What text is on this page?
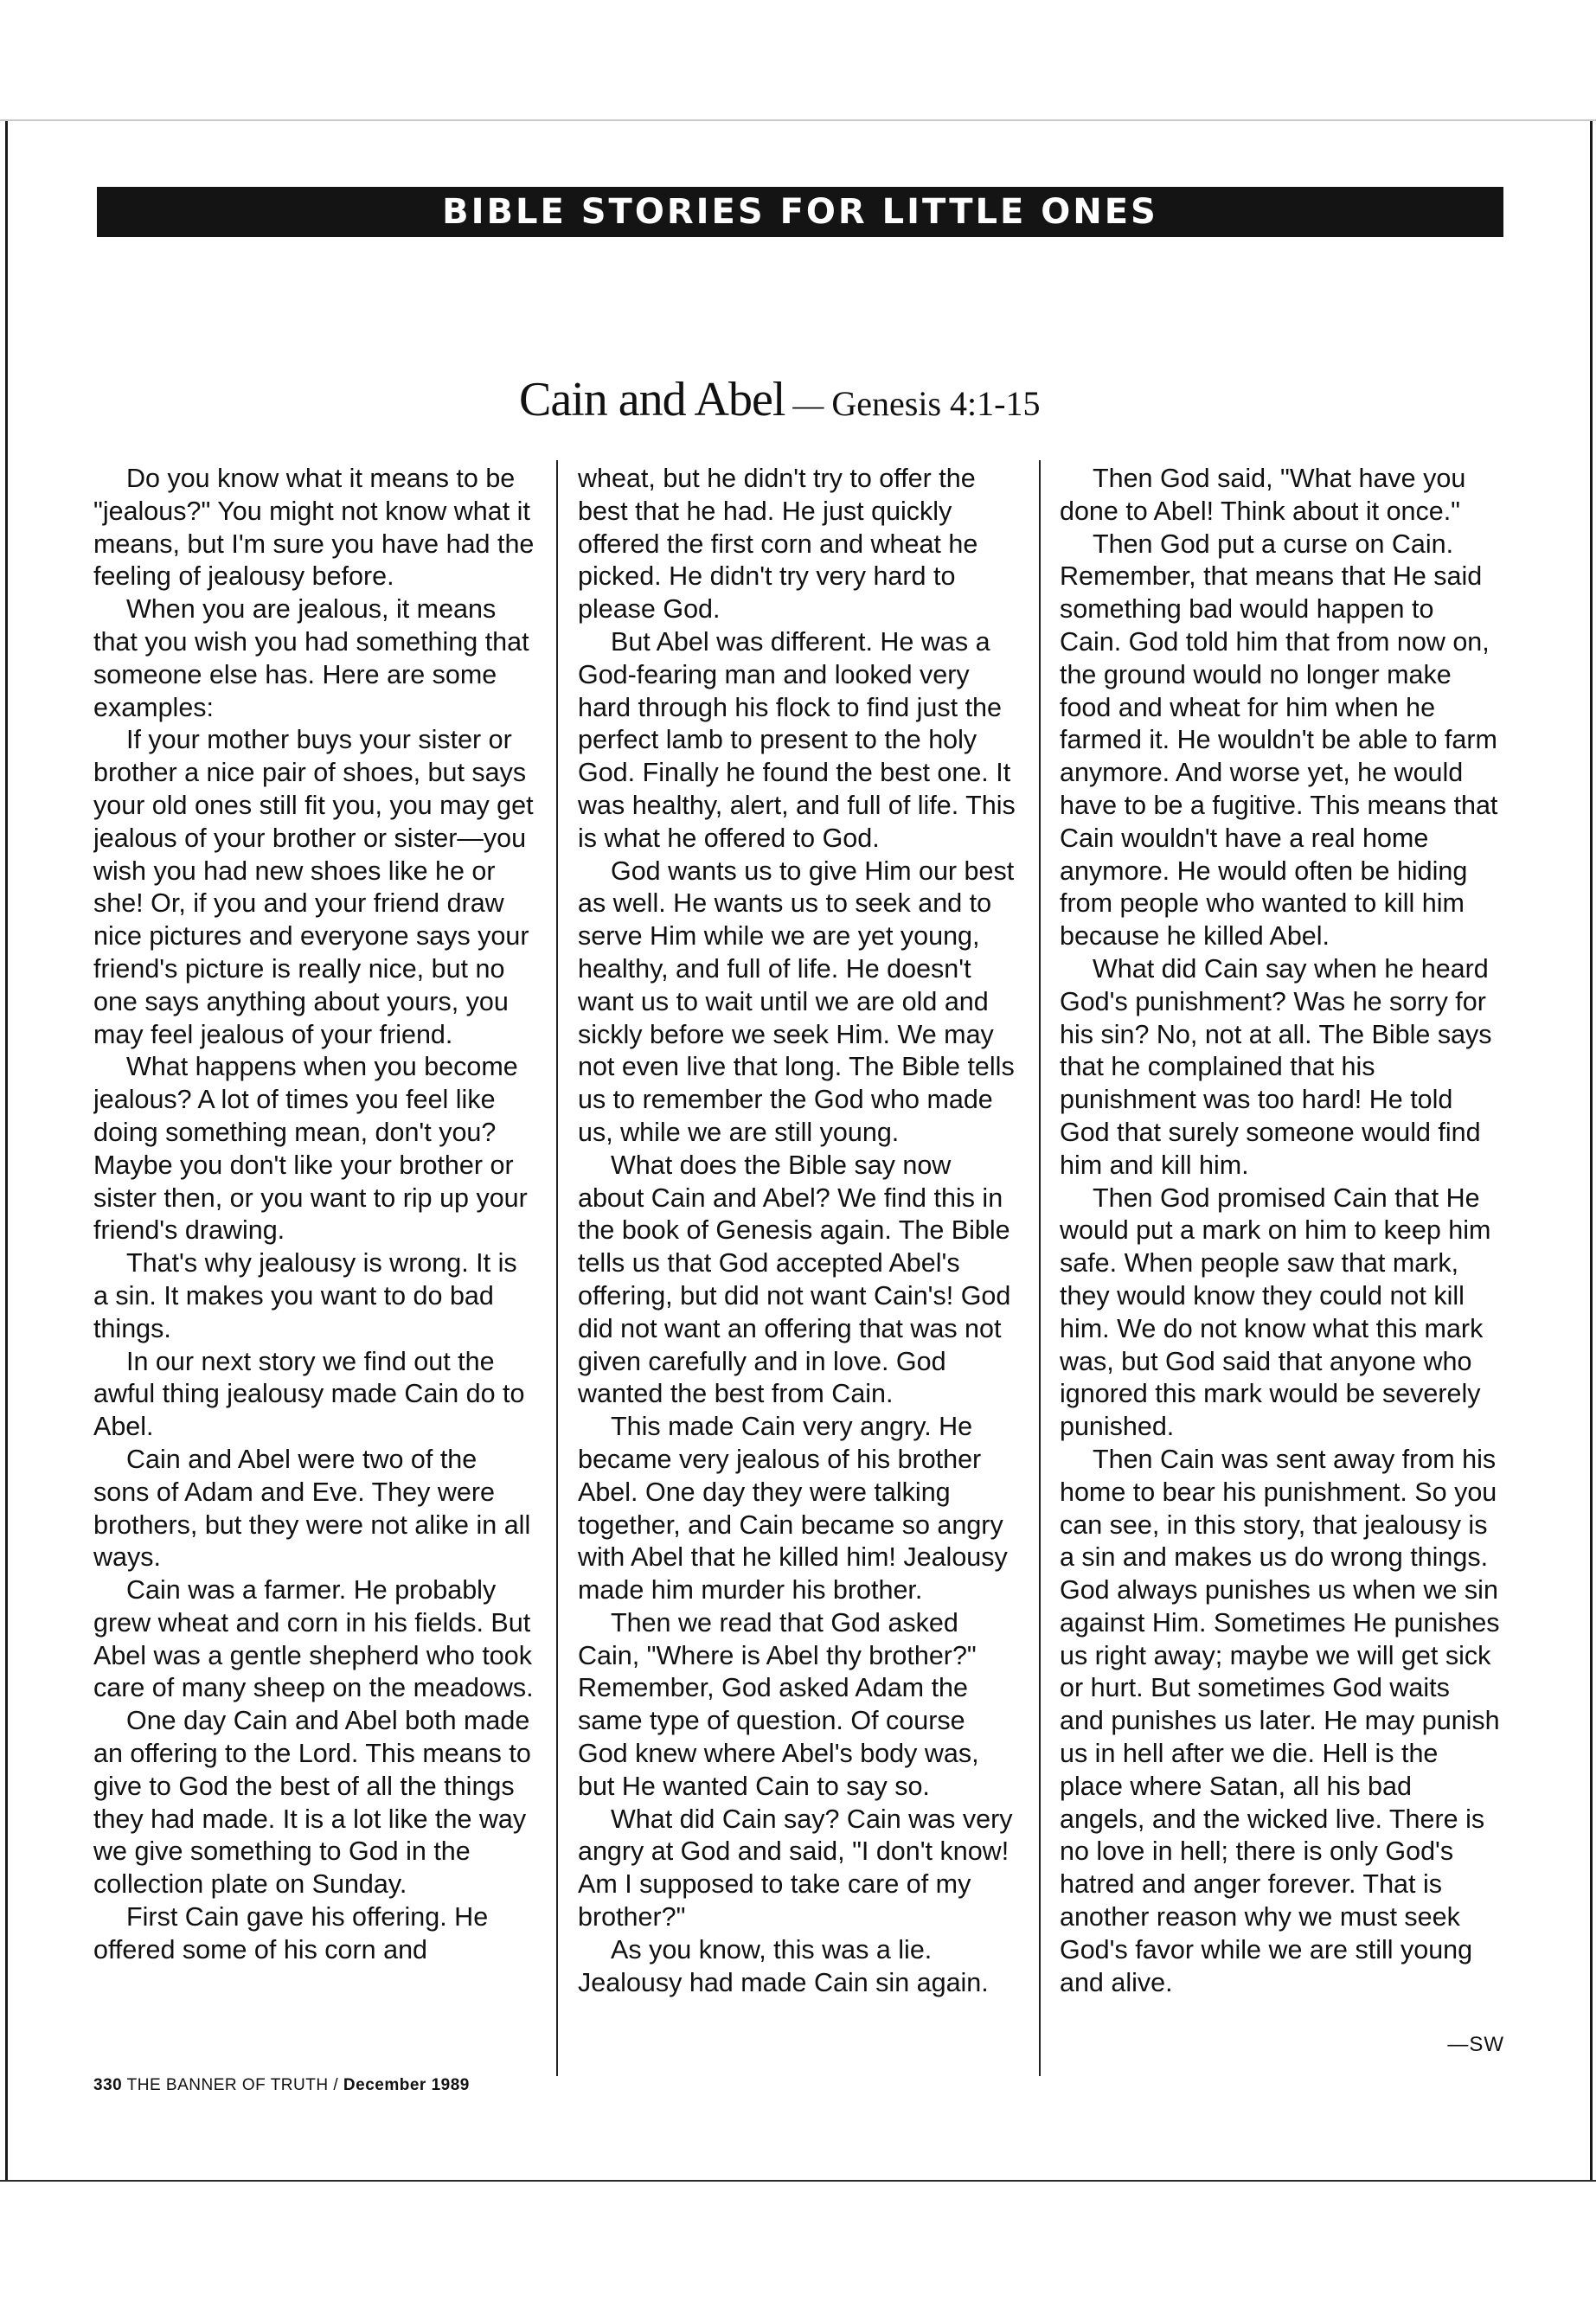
BIBLE STORIES FOR LITTLE ONES
Cain and Abel — Genesis 4:1-15

Do you know what it means to be "jealous?" You might not know what it means, but I'm sure you have had the feeling of jealousy before.

When you are jealous, it means that you wish you had something that someone else has. Here are some examples:

If your mother buys your sister or brother a nice pair of shoes, but says your old ones still fit you, you may get jealous of your brother or sister—you wish you had new shoes like he or she! Or, if you and your friend draw nice pictures and everyone says your friend's picture is really nice, but no one says anything about yours, you may feel jealous of your friend.

What happens when you become jealous? A lot of times you feel like doing something mean, don't you? Maybe you don't like your brother or sister then, or you want to rip up your friend's drawing.

That's why jealousy is wrong. It is a sin. It makes you want to do bad things.

In our next story we find out the awful thing jealousy made Cain do to Abel.

Cain and Abel were two of the sons of Adam and Eve. They were brothers, but they were not alike in all ways.

Cain was a farmer. He probably grew wheat and corn in his fields. But Abel was a gentle shepherd who took care of many sheep on the meadows.

One day Cain and Abel both made an offering to the Lord. This means to give to God the best of all the things they had made. It is a lot like the way we give something to God in the collection plate on Sunday.

First Cain gave his offering. He offered some of his corn and

wheat, but he didn't try to offer the best that he had. He just quickly offered the first corn and wheat he picked. He didn't try very hard to please God.

But Abel was different. He was a God-fearing man and looked very hard through his flock to find just the perfect lamb to present to the holy God. Finally he found the best one. It was healthy, alert, and full of life. This is what he offered to God.

God wants us to give Him our best as well. He wants us to seek and to serve Him while we are yet young, healthy, and full of life. He doesn't want us to wait until we are old and sickly before we seek Him. We may not even live that long. The Bible tells us to remember the God who made us, while we are still young.

What does the Bible say now about Cain and Abel? We find this in the book of Genesis again. The Bible tells us that God accepted Abel's offering, but did not want Cain's! God did not want an offering that was not given carefully and in love. God wanted the best from Cain.

This made Cain very angry. He became very jealous of his brother Abel. One day they were talking together, and Cain became so angry with Abel that he killed him! Jealousy made him murder his brother.

Then we read that God asked Cain, "Where is Abel thy brother?" Remember, God asked Adam the same type of question. Of course God knew where Abel's body was, but He wanted Cain to say so.

What did Cain say? Cain was very angry at God and said, "I don't know! Am I supposed to take care of my brother?"

As you know, this was a lie. Jealousy had made Cain sin again.

Then God said, "What have you done to Abel! Think about it once."

Then God put a curse on Cain. Remember, that means that He said something bad would happen to Cain. God told him that from now on, the ground would no longer make food and wheat for him when he farmed it. He wouldn't be able to farm anymore. And worse yet, he would have to be a fugitive. This means that Cain wouldn't have a real home anymore. He would often be hiding from people who wanted to kill him because he killed Abel.

What did Cain say when he heard God's punishment? Was he sorry for his sin? No, not at all. The Bible says that he complained that his punishment was too hard! He told God that surely someone would find him and kill him.

Then God promised Cain that He would put a mark on him to keep him safe. When people saw that mark, they would know they could not kill him. We do not know what this mark was, but God said that anyone who ignored this mark would be severely punished.

Then Cain was sent away from his home to bear his punishment. So you can see, in this story, that jealousy is a sin and makes us do wrong things. God always punishes us when we sin against Him. Sometimes He punishes us right away; maybe we will get sick or hurt. But sometimes God waits and punishes us later. He may punish us in hell after we die. Hell is the place where Satan, all his bad angels, and the wicked live. There is no love in hell; there is only God's hatred and anger forever. That is another reason why we must seek God's favor while we are still young and alive.

—SW
330 THE BANNER OF TRUTH / December 1989
